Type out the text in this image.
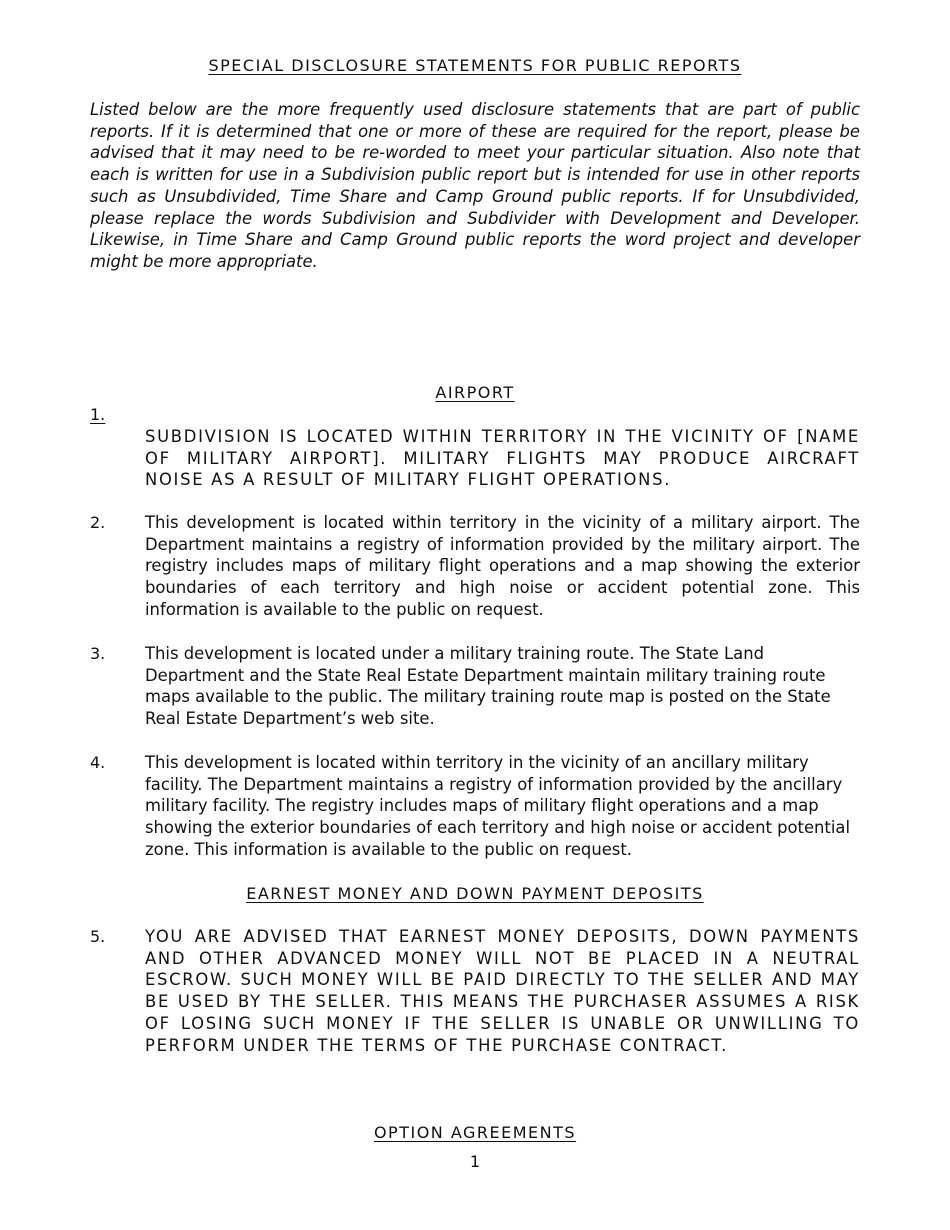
SPECIAL DISCLOSURE STATEMENTS FOR PUBLIC REPORTS
Listed below are the more frequently used disclosure statements that are part of public reports. If it is determined that one or more of these are required for the report, please be advised that it may need to be re-worded to meet your particular situation. Also note that each is written for use in a Subdivision public report but is intended for use in other reports such as Unsubdivided, Time Share and Camp Ground public reports. If for Unsubdivided, please replace the words Subdivision and Subdivider with Development and Developer. Likewise, in Time Share and Camp Ground public reports the word project and developer might be more appropriate.
AIRPORT
1.
SUBDIVISION IS LOCATED WITHIN TERRITORY IN THE VICINITY OF [NAME OF MILITARY AIRPORT]. MILITARY FLIGHTS MAY PRODUCE AIRCRAFT NOISE AS A RESULT OF MILITARY FLIGHT OPERATIONS.
2. This development is located within territory in the vicinity of a military airport. The Department maintains a registry of information provided by the military airport. The registry includes maps of military flight operations and a map showing the exterior boundaries of each territory and high noise or accident potential zone. This information is available to the public on request.
3. This development is located under a military training route. The State Land Department and the State Real Estate Department maintain military training route maps available to the public. The military training route map is posted on the State Real Estate Department’s web site.
4. This development is located within territory in the vicinity of an ancillary military facility. The Department maintains a registry of information provided by the ancillary military facility. The registry includes maps of military flight operations and a map showing the exterior boundaries of each territory and high noise or accident potential zone. This information is available to the public on request.
EARNEST MONEY AND DOWN PAYMENT DEPOSITS
5. YOU ARE ADVISED THAT EARNEST MONEY DEPOSITS, DOWN PAYMENTS AND OTHER ADVANCED MONEY WILL NOT BE PLACED IN A NEUTRAL ESCROW. SUCH MONEY WILL BE PAID DIRECTLY TO THE SELLER AND MAY BE USED BY THE SELLER. THIS MEANS THE PURCHASER ASSUMES A RISK OF LOSING SUCH MONEY IF THE SELLER IS UNABLE OR UNWILLING TO PERFORM UNDER THE TERMS OF THE PURCHASE CONTRACT.
OPTION AGREEMENTS
1
